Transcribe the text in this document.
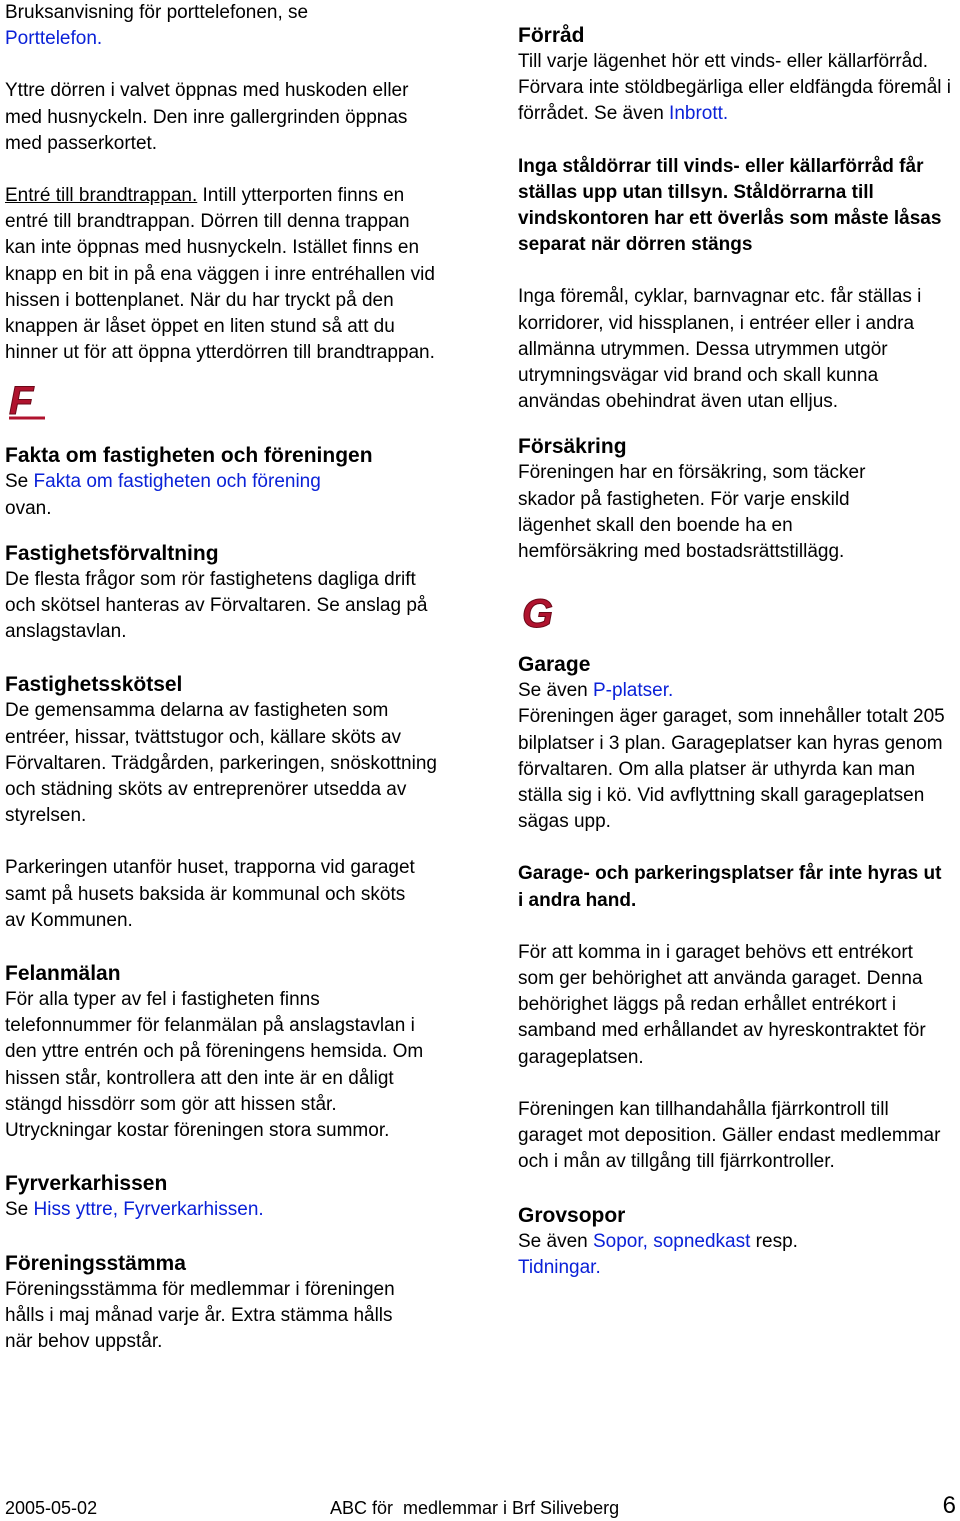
Bruksanvisning för porttelefonen, se
Porttelefon.

Yttre dörren i valvet öppnas med huskoden eller med husnyckeln. Den inre gallergrinden öppnas med passerkortet.

Entré till brandtrappan. Intill ytterporten finns en entré till brandtrappan. Dörren till denna trappan kan inte öppnas med husnyckeln. Istället finns en knapp en bit in på ena väggen i inre entréhallen vid hissen i bottenplanet. När du har tryckt på den knappen är låset öppet en liten stund så att du hinner ut för att öppna ytterdörren till brandtrappan.

F

Fakta om fastigheten och föreningen

Se Fakta om fastigheten och förening
ovan.

Fastighetsförvaltning

De flesta frågor som rör fastighetens dagliga drift och skötsel hanteras av Förvaltaren. Se anslag på anslagstavlan.

Fastighetsskötsel

De gemensamma delarna av fastigheten som entréer, hissar, tvättstugor och, källare sköts av Förvaltaren. Trädgården, parkeringen, snöskottning och städning sköts av entreprenörer utsedda av styrelsen.

Parkeringen utanför huset, trapporna vid garaget samt på husets baksida är kommunal och sköts av Kommunen.

Felanmälan

För alla typer av fel i fastigheten finns telefonnummer för felanmälan på anslagstavlan i den yttre entrén och på föreningens hemsida. Om hissen står, kontrollera att den inte är en dåligt stängd hissdörr som gör att hissen står. Utryckningar kostar föreningen stora summor.

Fyrverkarhissen

Se Hiss yttre, Fyrverkarhissen.

Föreningsstämma

Föreningsstämma för medlemmar i föreningen hålls i maj månad varje år. Extra stämma hålls när behov uppstår.

Förråd

Till varje lägenhet hör ett vinds- eller källarförråd. Förvara inte stöldbegärliga eller eldfängda föremål i förrådet. Se även Inbrott.

Inga ståldörrar till vinds- eller källarförråd får ställas upp utan tillsyn. Ståldörrarna till vindskontoren har ett överlås som måste låsas separat när dörren stängs

Inga föremål, cyklar, barnvagnar etc. får ställas i korridorer, vid hissplanen, i entréer eller i andra allmänna utrymmen. Dessa utrymmen utgör utrymningsvägar vid brand och skall kunna användas obehindrat även utan elljus.

Försäkring

Föreningen har en försäkring, som täcker skador på fastigheten. För varje enskild lägenhet skall den boende ha en hemförsäkring med bostadsrättstillägg.

G

Garage

Se även P-platser.

Föreningen äger garaget, som innehåller totalt 205 bilplatser i 3 plan. Garageplatser kan hyras genom förvaltaren. Om alla platser är uthyrda kan man ställa sig i kö. Vid avflyttning skall garageplatsen sägas upp.

Garage- och parkeringsplatser får inte hyras ut i andra hand.

För att komma in i garaget behövs ett entrékort som ger behörighet att använda garaget. Denna behörighet läggs på redan erhållet entrékort i samband med erhållandet av hyreskontraktet för garageplatsen.

Föreningen kan tillhandahålla fjärrkontroll till garaget mot deposition. Gäller endast medlemmar och i mån av tillgång till fjärrkontroller.

Grovsopor

Se även Sopor, sopnedkast resp.
Tidningar.

2005-05-02	ABC för  medlemmar i Brf Siliveberg	6
